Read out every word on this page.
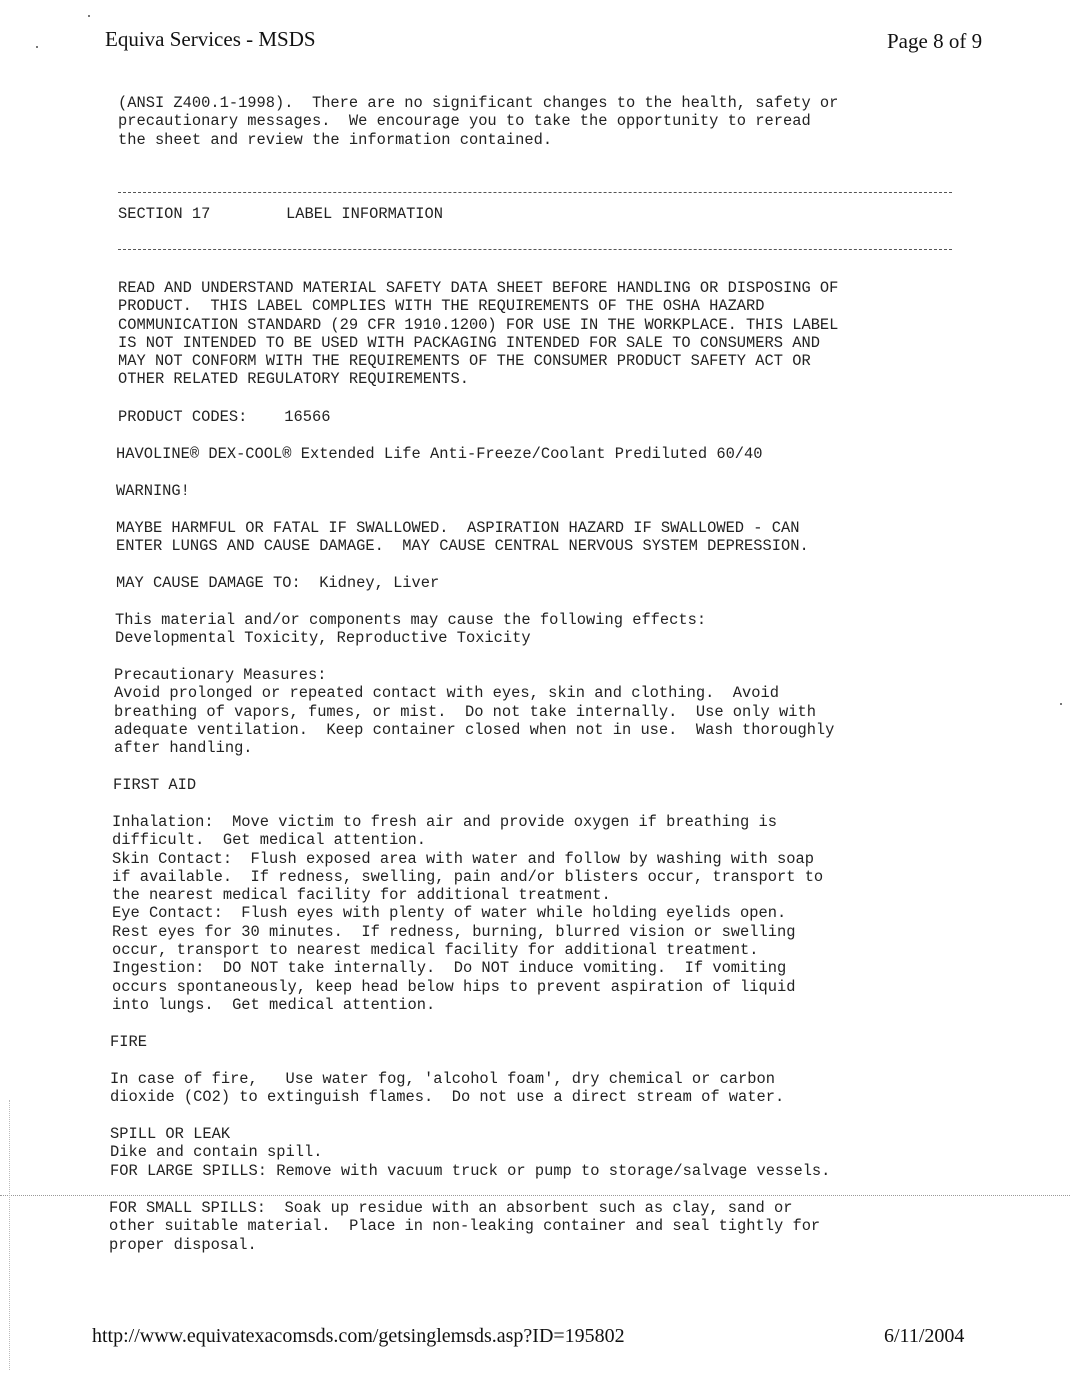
Equiva Services - MSDS	Page 8 of 9
(ANSI Z400.1-1998).  There are no significant changes to the health, safety or
precautionary messages.  We encourage you to take the opportunity to reread
the sheet and review the information contained.
SECTION 17	LABEL INFORMATION
READ AND UNDERSTAND MATERIAL SAFETY DATA SHEET BEFORE HANDLING OR DISPOSING OF
PRODUCT.  THIS LABEL COMPLIES WITH THE REQUIREMENTS OF THE OSHA HAZARD
COMMUNICATION STANDARD (29 CFR 1910.1200) FOR USE IN THE WORKPLACE. THIS LABEL
IS NOT INTENDED TO BE USED WITH PACKAGING INTENDED FOR SALE TO CONSUMERS AND
MAY NOT CONFORM WITH THE REQUIREMENTS OF THE CONSUMER PRODUCT SAFETY ACT OR
OTHER RELATED REGULATORY REQUIREMENTS.
PRODUCT CODES:    16566
HAVOLINE® DEX-COOL® Extended Life Anti-Freeze/Coolant Prediluted 60/40
WARNING!
MAYBE HARMFUL OR FATAL IF SWALLOWED.  ASPIRATION HAZARD IF SWALLOWED - CAN
ENTER LUNGS AND CAUSE DAMAGE.  MAY CAUSE CENTRAL NERVOUS SYSTEM DEPRESSION.
MAY CAUSE DAMAGE TO:  Kidney, Liver
This material and/or components may cause the following effects:
Developmental Toxicity, Reproductive Toxicity
Precautionary Measures:
Avoid prolonged or repeated contact with eyes, skin and clothing.  Avoid
breathing of vapors, fumes, or mist.  Do not take internally.  Use only with
adequate ventilation.  Keep container closed when not in use.  Wash thoroughly
after handling.
FIRST AID
Inhalation:  Move victim to fresh air and provide oxygen if breathing is
difficult.  Get medical attention.
Skin Contact:  Flush exposed area with water and follow by washing with soap
if available.  If redness, swelling, pain and/or blisters occur, transport to
the nearest medical facility for additional treatment.
Eye Contact:  Flush eyes with plenty of water while holding eyelids open.
Rest eyes for 30 minutes.  If redness, burning, blurred vision or swelling
occur, transport to nearest medical facility for additional treatment.
Ingestion:  DO NOT take internally.  Do NOT induce vomiting.  If vomiting
occurs spontaneously, keep head below hips to prevent aspiration of liquid
into lungs.  Get medical attention.
FIRE
In case of fire,   Use water fog, 'alcohol foam', dry chemical or carbon
dioxide (CO2) to extinguish flames.  Do not use a direct stream of water.
SPILL OR LEAK
Dike and contain spill.
FOR LARGE SPILLS: Remove with vacuum truck or pump to storage/salvage vessels.
FOR SMALL SPILLS:  Soak up residue with an absorbent such as clay, sand or
other suitable material.  Place in non-leaking container and seal tightly for
proper disposal.
http://www.equivatexacomsds.com/getsinglemsds.asp?ID=195802	6/11/2004
